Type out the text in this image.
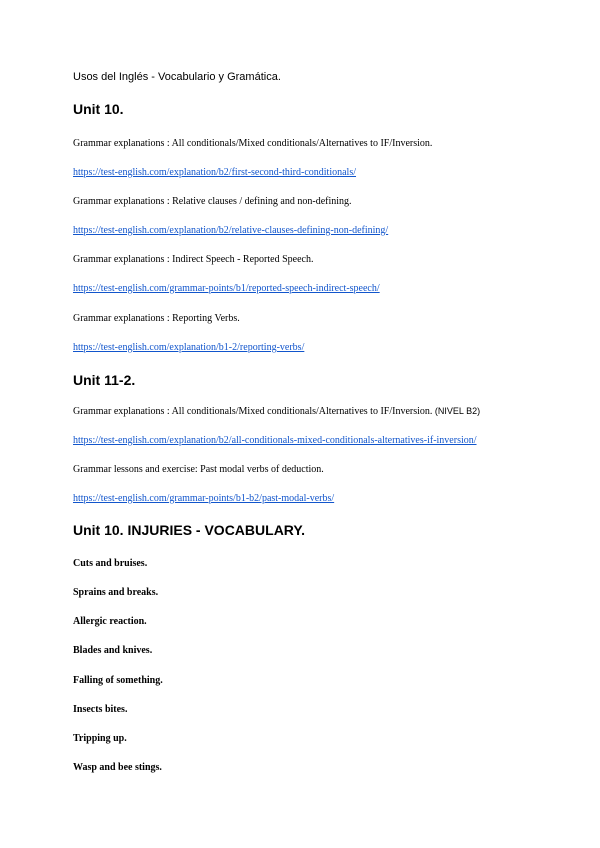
Usos del Inglés - Vocabulario y Gramática.
Unit 10.
Grammar explanations : All conditionals/Mixed conditionals/Alternatives to IF/Inversion.
https://test-english.com/explanation/b2/first-second-third-conditionals/
Grammar explanations : Relative clauses / defining and non-defining.
https://test-english.com/explanation/b2/relative-clauses-defining-non-defining/
Grammar explanations : Indirect Speech - Reported Speech.
https://test-english.com/grammar-points/b1/reported-speech-indirect-speech/
Grammar explanations : Reporting Verbs.
https://test-english.com/explanation/b1-2/reporting-verbs/
Unit 11-2.
Grammar explanations : All conditionals/Mixed conditionals/Alternatives to IF/Inversion. (NIVEL B2)
https://test-english.com/explanation/b2/all-conditionals-mixed-conditionals-alternatives-if-inversion/
Grammar lessons and exercise: Past modal verbs of deduction.
https://test-english.com/grammar-points/b1-b2/past-modal-verbs/
Unit 10. INJURIES - VOCABULARY.
Cuts and bruises.
Sprains and breaks.
Allergic reaction.
Blades and knives.
Falling of something.
Insects bites.
Tripping up.
Wasp and bee stings.
